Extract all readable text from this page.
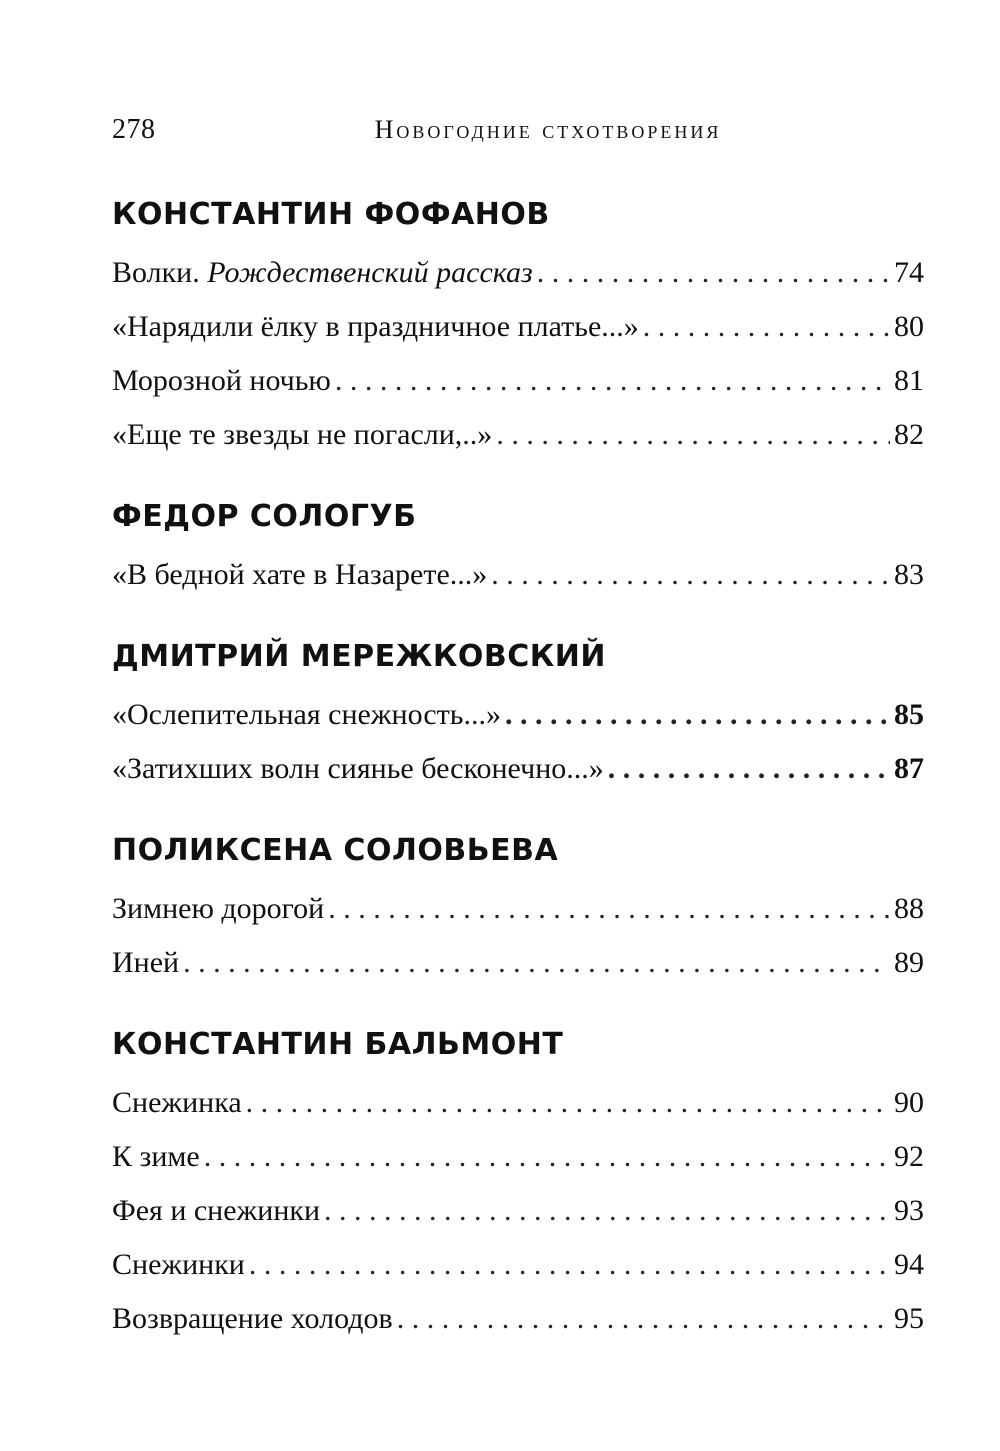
278	Новогодние стхотворения
КОНСТАНТИН ФОФАНОВ
Волки. Рождественский рассказ . . .	74
«Нарядили ёлку в праздничное платье...» . . .	80
Морозной ночью . . .	81
«Еще те звезды не погасли,..» . . .	82
ФЕДОР СОЛОГУБ
«В бедной хате в Назарете...» . . .	83
ДМИТРИЙ МЕРЕЖКОВСКИЙ
«Ослепительная снежность...» . . .	85
«Затихших волн сиянье бесконечно...» . . .	87
ПОЛИКСЕНА СОЛОВЬЕВА
Зимнею дорогой . . .	88
Иней . . .	89
КОНСТАНТИН БАЛЬМОНТ
Снежинка . . .	90
К зиме . . .	92
Фея и снежинки . . .	93
Снежинки . . .	94
Возвращение холодов . . .	95
